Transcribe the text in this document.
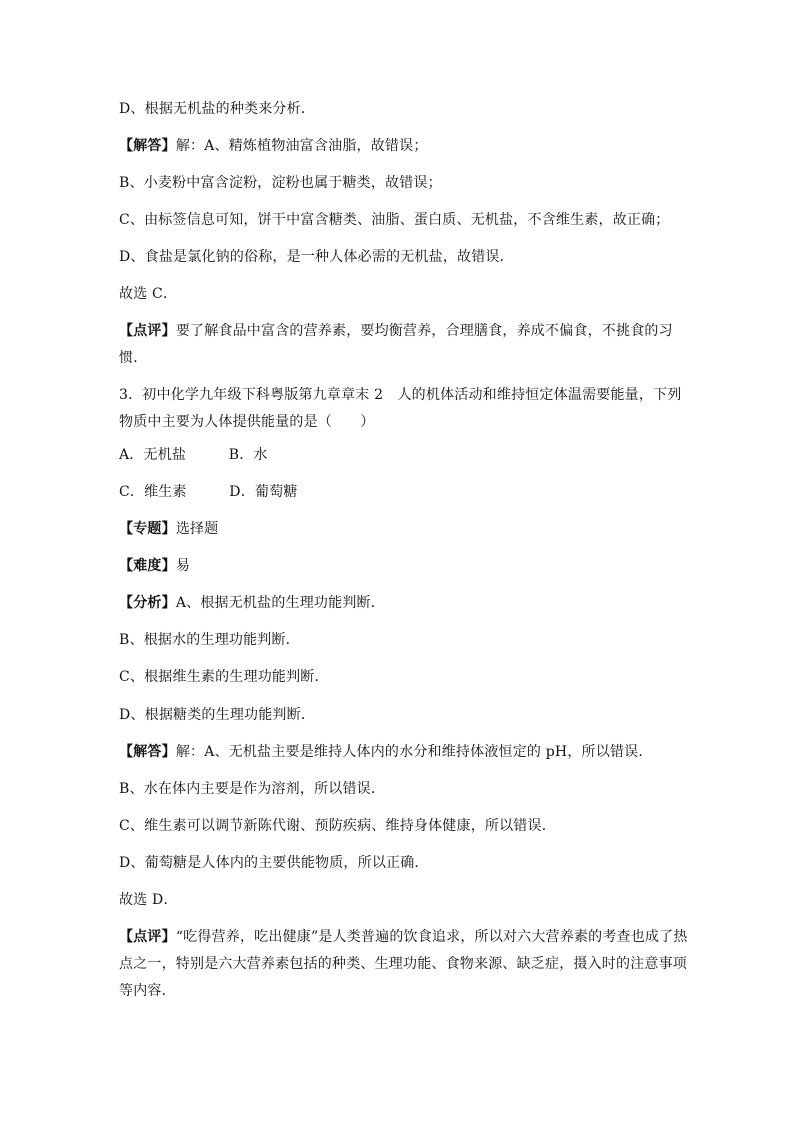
D、根据无机盐的种类来分析．
【解答】解：A、精炼植物油富含油脂，故错误；
B、小麦粉中富含淀粉，淀粉也属于糖类，故错误；
C、由标签信息可知，饼干中富含糖类、油脂、蛋白质、无机盐，不含维生素，故正确；
D、食盐是氯化钠的俗称，是一种人体必需的无机盐，故错误．
故选 C．
【点评】要了解食品中富含的营养素，要均衡营养，合理膳食，养成不偏食，不挑食的习惯．
3．初中化学九年级下科粤版第九章章末 2　人的机体活动和维持恒定体温需要能量，下列物质中主要为人体提供能量的是（　　）
A．无机盐　　　B．水
C．维生素　　　D．葡萄糖
【专题】选择题
【难度】易
【分析】A、根据无机盐的生理功能判断．
B、根据水的生理功能判断．
C、根据维生素的生理功能判断．
D、根据糖类的生理功能判断．
【解答】解：A、无机盐主要是维持人体内的水分和维持体液恒定的 pH，所以错误．
B、水在体内主要是作为溶剂，所以错误．
C、维生素可以调节新陈代谢、预防疾病、维持身体健康，所以错误．
D、葡萄糖是人体内的主要供能物质，所以正确．
故选 D．
【点评】“吃得营养，吃出健康”是人类普遍的饮食追求，所以对六大营养素的考查也成了热点之一，特别是六大营养素包括的种类、生理功能、食物来源、缺乏症，摄入时的注意事项等内容．
